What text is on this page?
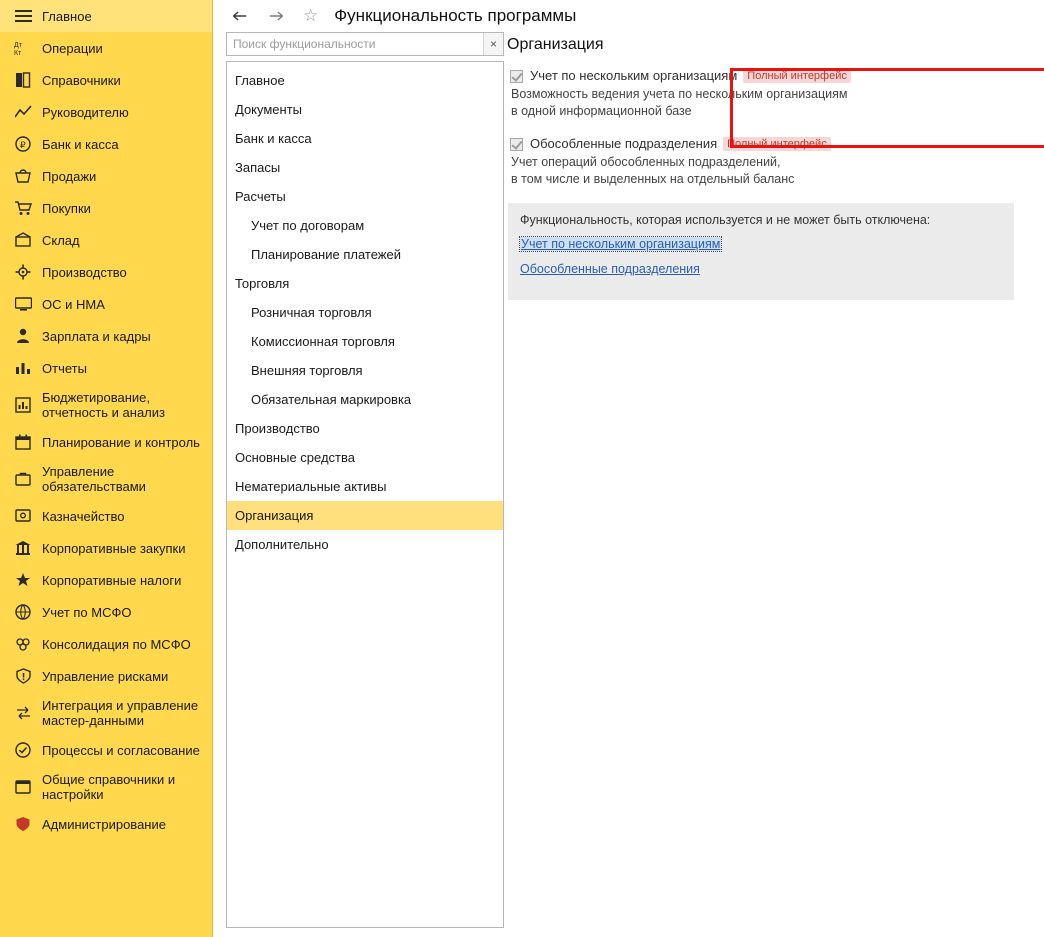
Главное
Дт
Кт Операции
Справочники
Руководителю
₽ Банк и касса
Продажи
Покупки
Склад
Производство
ОС и НМА
Зарплата и кадры
Отчеты
Бюджетирование, отчетность и анализ
Планирование и контроль
Управление обязательствами
Казначейство
Корпоративные закупки
Корпоративные налоги
Учет по МСФО
Консолидация по МСФО
Управление рисками
Интеграция и управление мастер-данными
Процессы и согласование
Общие справочники и настройки
Администрирование
☆ Функциональность программы
Поиск функциональности
×
Главное
Документы
Банк и касса
Запасы
Расчеты
Учет по договорам
Планирование платежей
Торговля
Розничная торговля
Комиссионная торговля
Внешняя торговля
Обязательная маркировка
Производство
Основные средства
Нематериальные активы
Организация
Дополнительно
Организация
Учет по нескольким организациям Полный интерфейс
Возможность ведения учета по нескольким организациям
в одной информационной базе
Обособленные подразделения Полный интерфейс
Учет операций обособленных подразделений,
в том числе и выделенных на отдельный баланс
Функциональность, которая используется и не может быть отключена:
Учет по нескольким организациям
Обособленные подразделения
